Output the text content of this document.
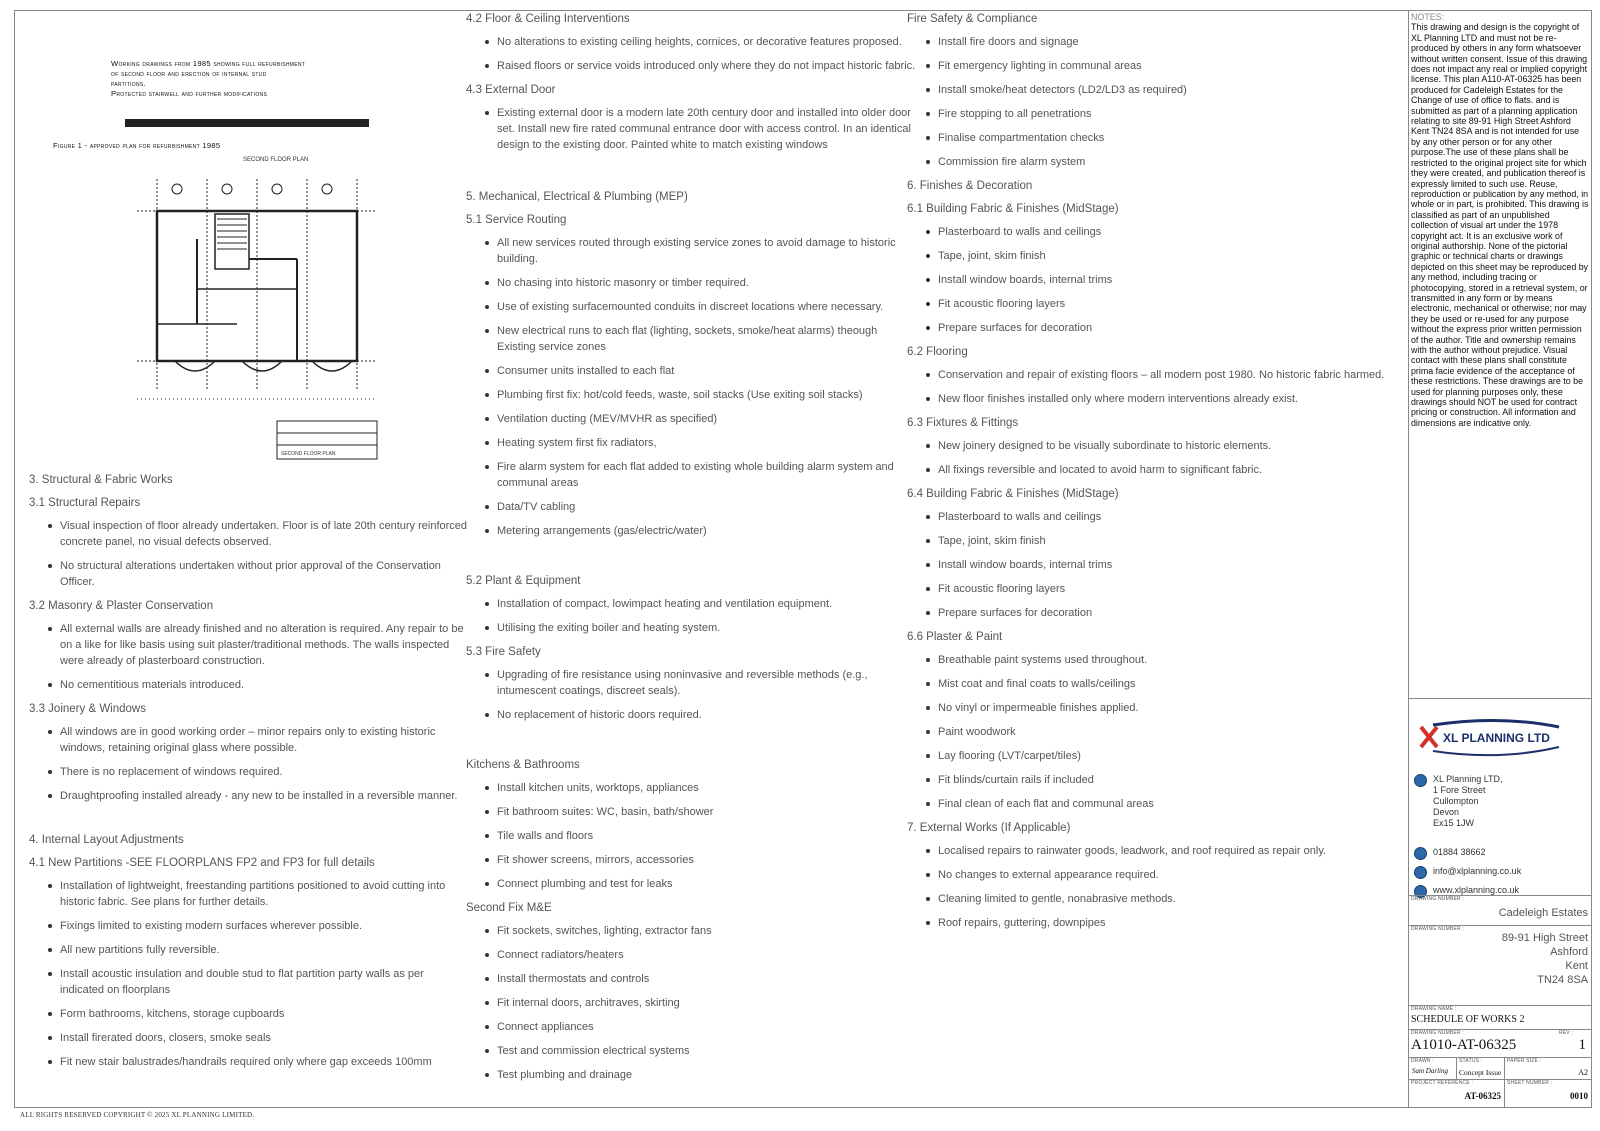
Working drawings from 1985 showing full refurbishment
of second floor and erection of internal stud
partitions.
Protected stairwell and further modifications
Figure 1 - approved plan for refurbishment 1985
SECOND FLOOR PLAN
SECOND FLOOR PLAN
3. Structural & Fabric Works
3.1 Structural Repairs
Visual inspection of floor already undertaken. Floor is of late 20th century reinforced concrete panel, no visual defects observed.
No structural alterations undertaken without prior approval of the Conservation Officer.
3.2 Masonry & Plaster Conservation
All external walls are already finished and no alteration is required. Any repair to be on a like for like basis using suit plaster/traditional methods. The walls inspected were already of plasterboard construction.
No cementitious materials introduced.
3.3 Joinery & Windows
All windows are in good working order – minor repairs only to existing historic windows, retaining original glass where possible.
There is no replacement of windows required.
Draughtproofing installed already - any new to be installed in a reversible manner.
4. Internal Layout Adjustments
4.1 New Partitions -SEE FLOORPLANS FP2 and FP3 for full details
Installation of lightweight, freestanding partitions positioned to avoid cutting into historic fabric. See plans for further details.
Fixings limited to existing modern surfaces wherever possible.
All new partitions fully reversible.
Install acoustic insulation and double stud to flat partition party walls as per indicated on floorplans
Form bathrooms, kitchens, storage cupboards
Install firerated doors, closers, smoke seals
Fit new stair balustrades/handrails required only where gap exceeds 100mm
4.2 Floor & Ceiling Interventions
No alterations to existing ceiling heights, cornices, or decorative features proposed.
Raised floors or service voids introduced only where they do not impact historic fabric.
4.3 External Door
Existing external door is a modern late 20th century door and installed into older door set. Install new fire rated communal entrance door with access control. In an identical design to the existing door. Painted white to match existing windows
5. Mechanical, Electrical & Plumbing (MEP)
5.1 Service Routing
All new services routed through existing service zones to avoid damage to historic building.
No chasing into historic masonry or timber required.
Use of existing surfacemounted conduits in discreet locations where necessary.
New electrical runs to each flat (lighting, sockets, smoke/heat alarms) theough Existing service zones
Consumer units installed to each flat
Plumbing first fix: hot/cold feeds, waste, soil stacks (Use exiting soil stacks)
Ventilation ducting (MEV/MVHR as specified)
Heating system first fix radiators,
Fire alarm system for each flat added to existing whole building alarm system and communal areas
Data/TV cabling
Metering arrangements (gas/electric/water)
5.2 Plant & Equipment
Installation of compact, lowimpact heating and ventilation equipment.
Utilising the exiting boiler and heating system.
5.3 Fire Safety
Upgrading of fire resistance using noninvasive and reversible methods (e.g., intumescent coatings, discreet seals).
No replacement of historic doors required.
Kitchens & Bathrooms
Install kitchen units, worktops, appliances
Fit bathroom suites: WC, basin, bath/shower
Tile walls and floors
Fit shower screens, mirrors, accessories
Connect plumbing and test for leaks
Second Fix M&E
Fit sockets, switches, lighting, extractor fans
Connect radiators/heaters
Install thermostats and controls
Fit internal doors, architraves, skirting
Connect appliances
Test and commission electrical systems
Test plumbing and drainage
Fire Safety & Compliance
Install fire doors and signage
Fit emergency lighting in communal areas
Install smoke/heat detectors (LD2/LD3 as required)
Fire stopping to all penetrations
Finalise compartmentation checks
Commission fire alarm system
6. Finishes & Decoration
6.1 Building Fabric & Finishes (MidStage)
Plasterboard to walls and ceilings
Tape, joint, skim finish
Install window boards, internal trims
Fit acoustic flooring layers
Prepare surfaces for decoration
6.2 Flooring
Conservation and repair of existing floors – all modern post 1980. No historic fabric harmed.
New floor finishes installed only where modern interventions already exist.
6.3 Fixtures & Fittings
New joinery designed to be visually subordinate to historic elements.
All fixings reversible and located to avoid harm to significant fabric.
6.4 Building Fabric & Finishes (MidStage)
Plasterboard to walls and ceilings
Tape, joint, skim finish
Install window boards, internal trims
Fit acoustic flooring layers
Prepare surfaces for decoration
6.6 Plaster & Paint
Breathable paint systems used throughout.
Mist coat and final coats to walls/ceilings
No vinyl or impermeable finishes applied.
Paint woodwork
Lay flooring (LVT/carpet/tiles)
Fit blinds/curtain rails if included
Final clean of each flat and communal areas
7. External Works (If Applicable)
Localised repairs to rainwater goods, leadwork, and roof required as repair only.
No changes to external appearance required.
Cleaning limited to gentle, nonabrasive methods.
Roof repairs, guttering, downpipes
NOTES:
This drawing and design is the copyright of XL Planning LTD and must not be re-produced by others in any form whatsoever without written consent. Issue of this drawing does not impact any real or implied copyright license. This plan A110-AT-06325 has been produced for Cadeleigh Estates for the Change of use of office to flats. and is submitted as part of a planning application relating to site 89-91 High Street Ashford Kent TN24 8SA and is not intended for use by any other person or for any other purpose.The use of these plans shall be restricted to the original project site for which they were created, and publication thereof is expressly limited to such use. Reuse, reproduction or publication by any method, in whole or in part, is prohibited. This drawing is classified as part of an unpublished collection of visual art under the 1978 copyright act. It is an exclusive work of original authorship. None of the pictorial graphic or technical charts or drawings depicted on this sheet may be reproduced by any method, including tracing or photocopying, stored in a retrieval system, or transmitted in any form or by means electronic, mechanical or otherwise; nor may they be used or re-used for any purpose without the express prior written permission of the author. Title and ownership remains with the author without prejudice. Visual contact with these plans shall constitute prima facie evidence of the acceptance of these restrictions. These drawings are to be used for planning purposes only, these drawings should NOT be used for contract pricing or construction. All information and dimensions are indicative only.
XL PLANNING LTD
XL Planning LTD,
1 Fore Street
Cullompton
Devon
Ex15 1JW
01884 38662
info@xlplanning.co.uk
www.xlplanning.co.uk
DRAWING NUMBER :
Cadeleigh Estates
DRAWING NUMBER :
89-91 High Street
Ashford
Kent
TN24 8SA
DRAWING NAME :
SCHEDULE OF WORKS 2
DRAWING NUMBER :	REV :
A1010-AT-06325	1
DRAWN :
Sam Darling
STATUS :
Concept Issue
PAPER SIZE :
A2
PROJECT REFERENCE :
AT-06325
SHEET NUMBER :
0010
ALL RIGHTS RESERVED COPYRIGHT © 2025 XL PLANNING LIMITED.
